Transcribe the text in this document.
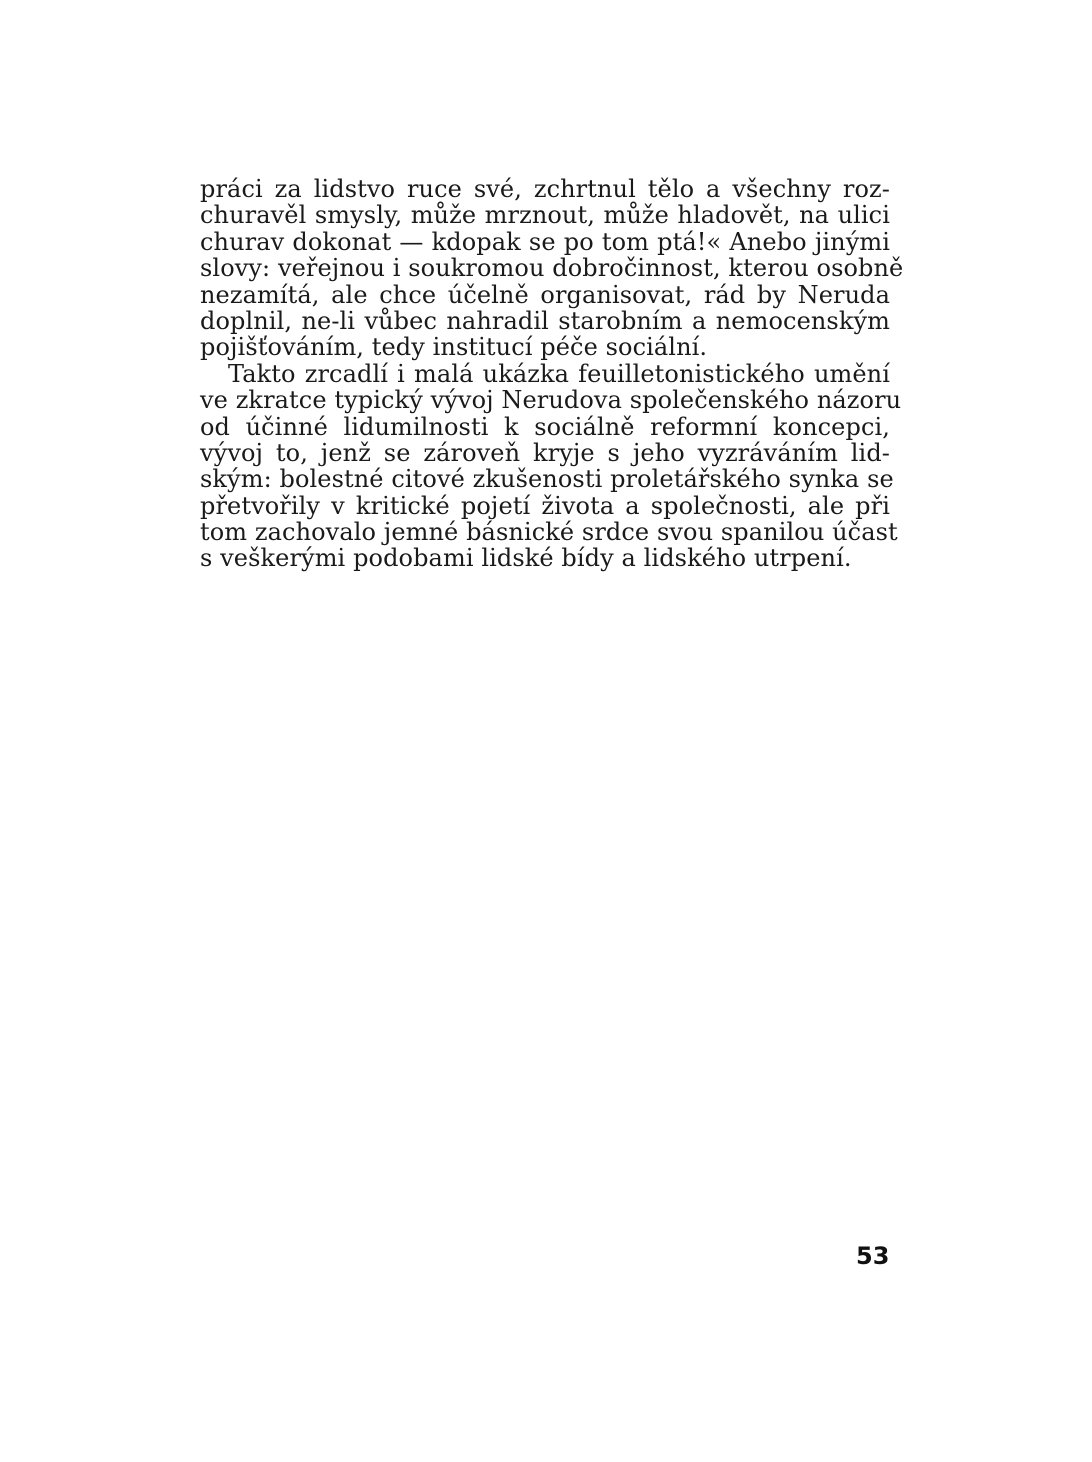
práci za lidstvo ruce své, zchrtnul tělo a všechny roz-
churavěl smysly, může mrznout, může hladovět, na ulici
churav dokonat — kdopak se po tom ptá!« Anebo jinými
slovy: veřejnou i soukromou dobročinnost, kterou osobně
nezamítá, ale chce účelně organisovat, rád by Neruda
doplnil, ne-li vůbec nahradil starobním a nemocenským
pojišťováním, tedy institucí péče sociální.
Takto zrcadlí i malá ukázka feuilletonistického umění
ve zkratce typický vývoj Nerudova společenského názoru
od účinné lidumilnosti k sociálně reformní koncepci,
vývoj to, jenž se zároveň kryje s jeho vyzráváním lid-
ským: bolestné citové zkušenosti proletářského synka se
přetvořily v kritické pojetí života a společnosti, ale při
tom zachovalo jemné básnické srdce svou spanilou účast
s veškerými podobami lidské bídy a lidského utrpení.
53
